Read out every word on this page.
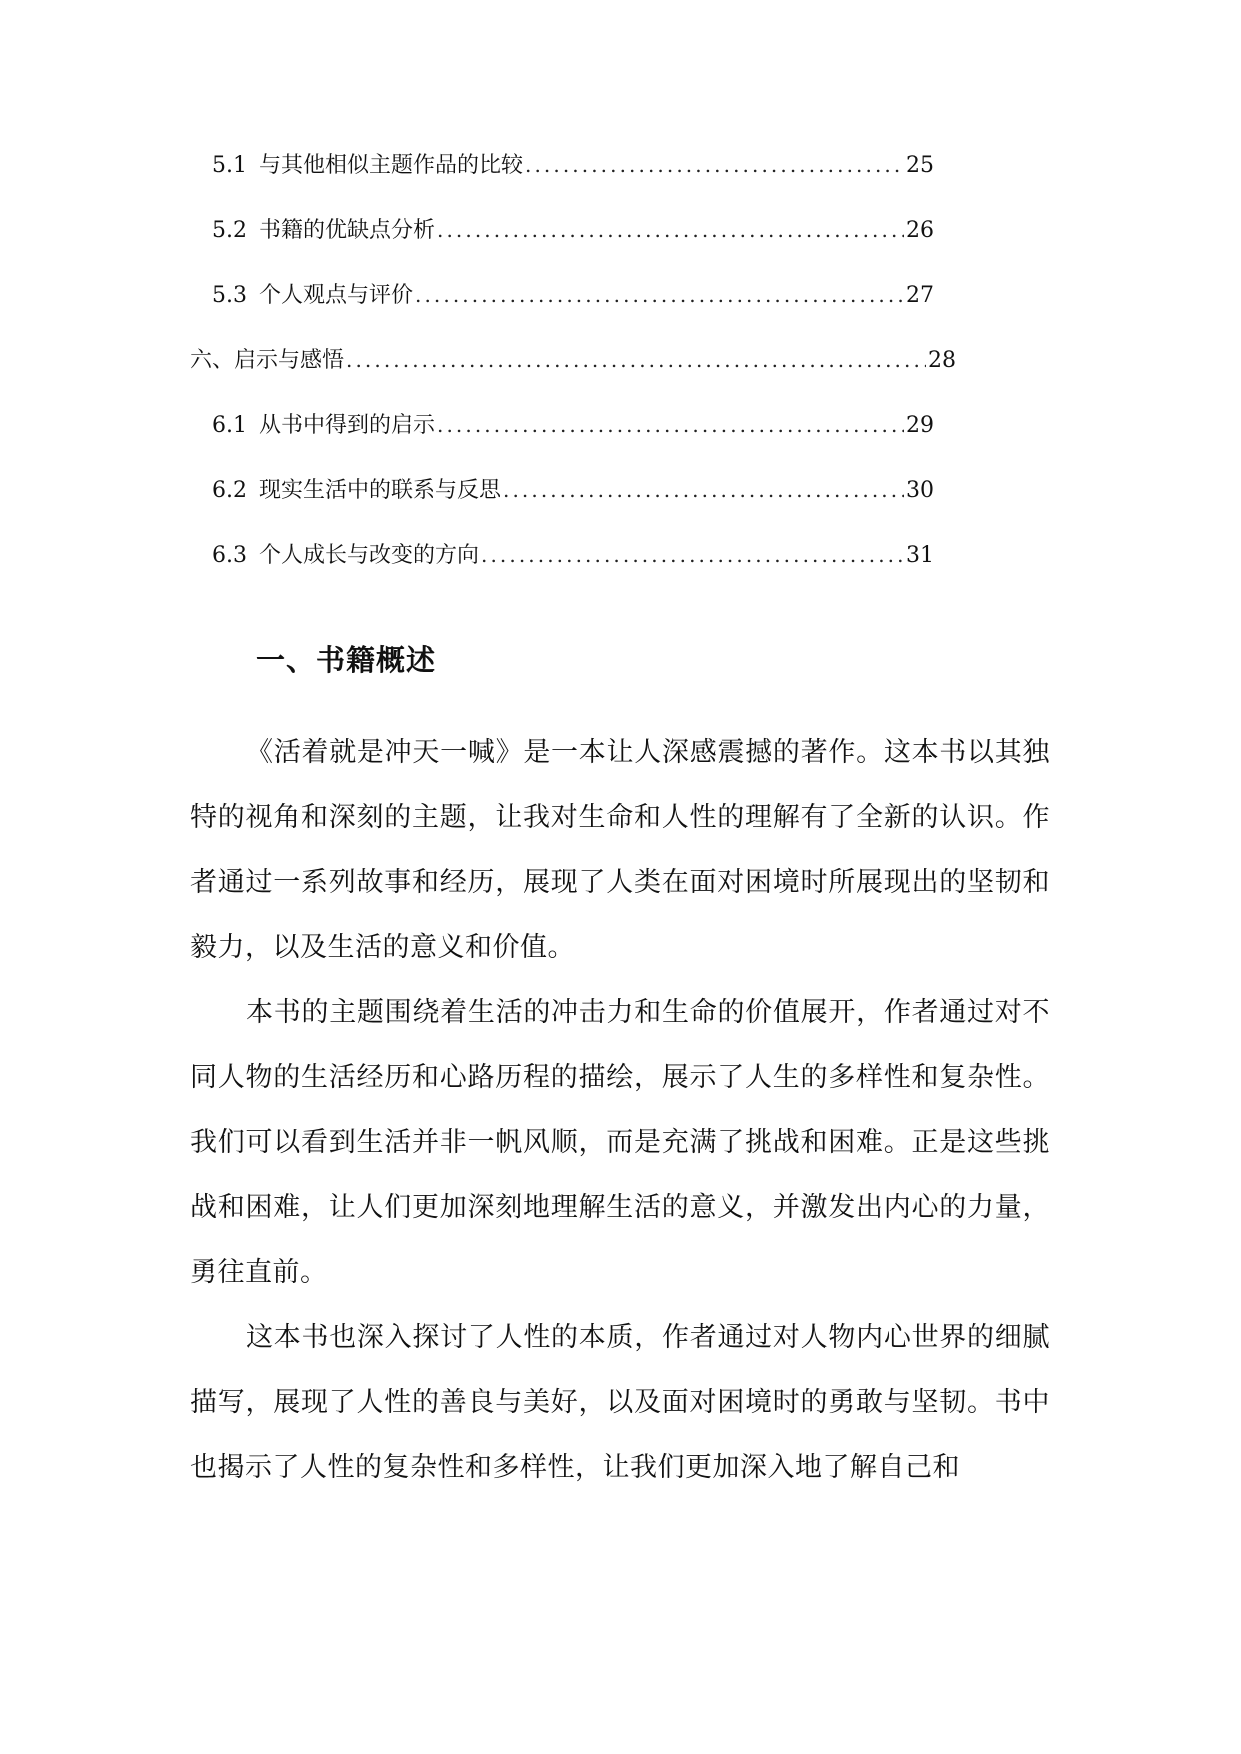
5.1 与其他相似主题作品的比较 .....	25
5.2 书籍的优缺点分析 .....	26
5.3 个人观点与评价 .....	27
六、启示与感悟 .....	28
6.1 从书中得到的启示 .....	29
6.2 现实生活中的联系与反思 .....	30
6.3 个人成长与改变的方向 .....	31
一、书籍概述

《活着就是冲天一喊》是一本让人深感震撼的著作。这本书以其独特的视角和深刻的主题，让我对生命和人性的理解有了全新的认识。作者通过一系列故事和经历，展现了人类在面对困境时所展现出的坚韧和毅力，以及生活的意义和价值。

本书的主题围绕着生活的冲击力和生命的价值展开，作者通过对不同人物的生活经历和心路历程的描绘，展示了人生的多样性和复杂性。我们可以看到生活并非一帆风顺，而是充满了挑战和困难。正是这些挑战和困难，让人们更加深刻地理解生活的意义，并激发出内心的力量，勇往直前。

这本书也深入探讨了人性的本质，作者通过对人物内心世界的细腻描写，展现了人性的善良与美好，以及面对困境时的勇敢与坚韧。书中也揭示了人性的复杂性和多样性，让我们更加深入地了解自己和
